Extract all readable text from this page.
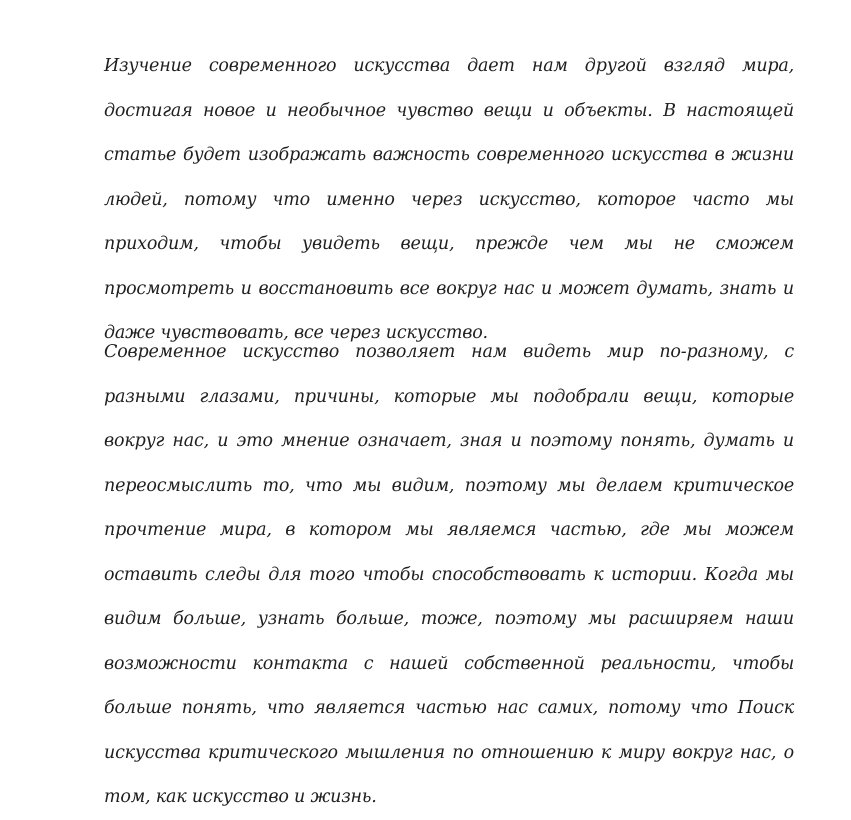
Изучение современного искусства дает нам другой взгляд мира, достигая новое и необычное чувство вещи и объекты. В настоящей статье будет изображать важность современного искусства в жизни людей, потому что именно через искусство, которое часто мы приходим, чтобы увидеть вещи, прежде чем мы не сможем просмотреть и восстановить все вокруг нас и может думать, знать и даже чувствовать, все через искусство.

Современное искусство позволяет нам видеть мир по-разному, с разными глазами, причины, которые мы подобрали вещи, которые вокруг нас, и это мнение означает, зная и поэтому понять, думать и переосмыслить то, что мы видим, поэтому мы делаем критическое прочтение мира, в котором мы являемся частью, где мы можем оставить следы для того чтобы способствовать к истории. Когда мы видим больше, узнать больше, тоже, поэтому мы расширяем наши возможности контакта с нашей собственной реальности, чтобы больше понять, что является частью нас самих, потому что Поиск искусства критического мышления по отношению к миру вокруг нас, о том, как искусство и жизнь.
